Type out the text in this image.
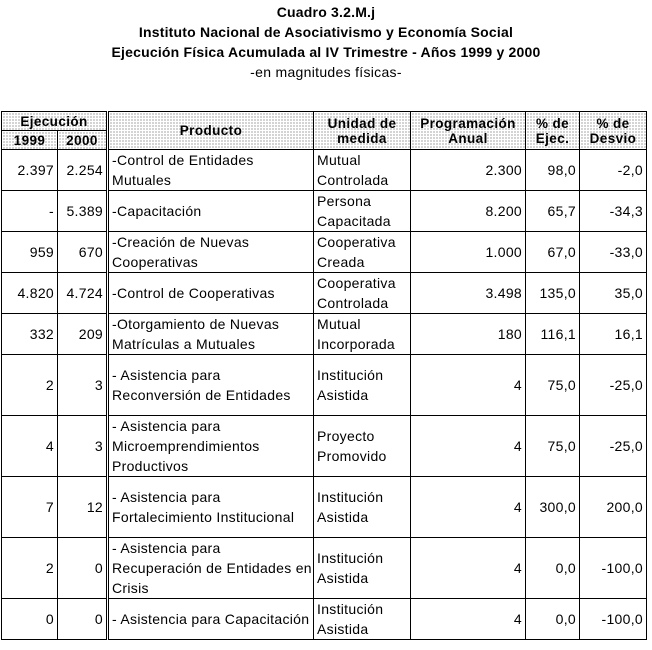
Cuadro 3.2.M.j
Instituto Nacional de Asociativismo y Economía Social
Ejecución Física Acumulada al IV Trimestre - Años 1999 y 2000
-en magnitudes físicas-
Ejecución		Producto	Unidad de medida	Programación Anual	% de Ejec.	% de Desvio
1999	2000					
2.397	2.254	-Control de Entidades Mutuales	Mutual Controlada	2.300	98,0	-2,0
-	5.389	-Capacitación	Persona Capacitada	8.200	65,7	-34,3
959	670	-Creación de Nuevas Cooperativas	Cooperativa Creada	1.000	67,0	-33,0
4.820	4.724	-Control de Cooperativas	Cooperativa Controlada	3.498	135,0	35,0
332	209	-Otorgamiento de Nuevas Matrículas a Mutuales	Mutual Incorporada	180	116,1	16,1
2	3	- Asistencia para Reconversión de Entidades	Institución Asistida	4	75,0	-25,0
4	3	- Asistencia para Microemprendimientos Productivos	Proyecto Promovido	4	75,0	-25,0
7	12	- Asistencia para Fortalecimiento Institucional	Institución Asistida	4	300,0	200,0
2	0	- Asistencia para Recuperación de Entidades en Crisis	Institución Asistida	4	0,0	-100,0
0	0	- Asistencia para Capacitación	Institución Asistida	4	0,0	-100,0
